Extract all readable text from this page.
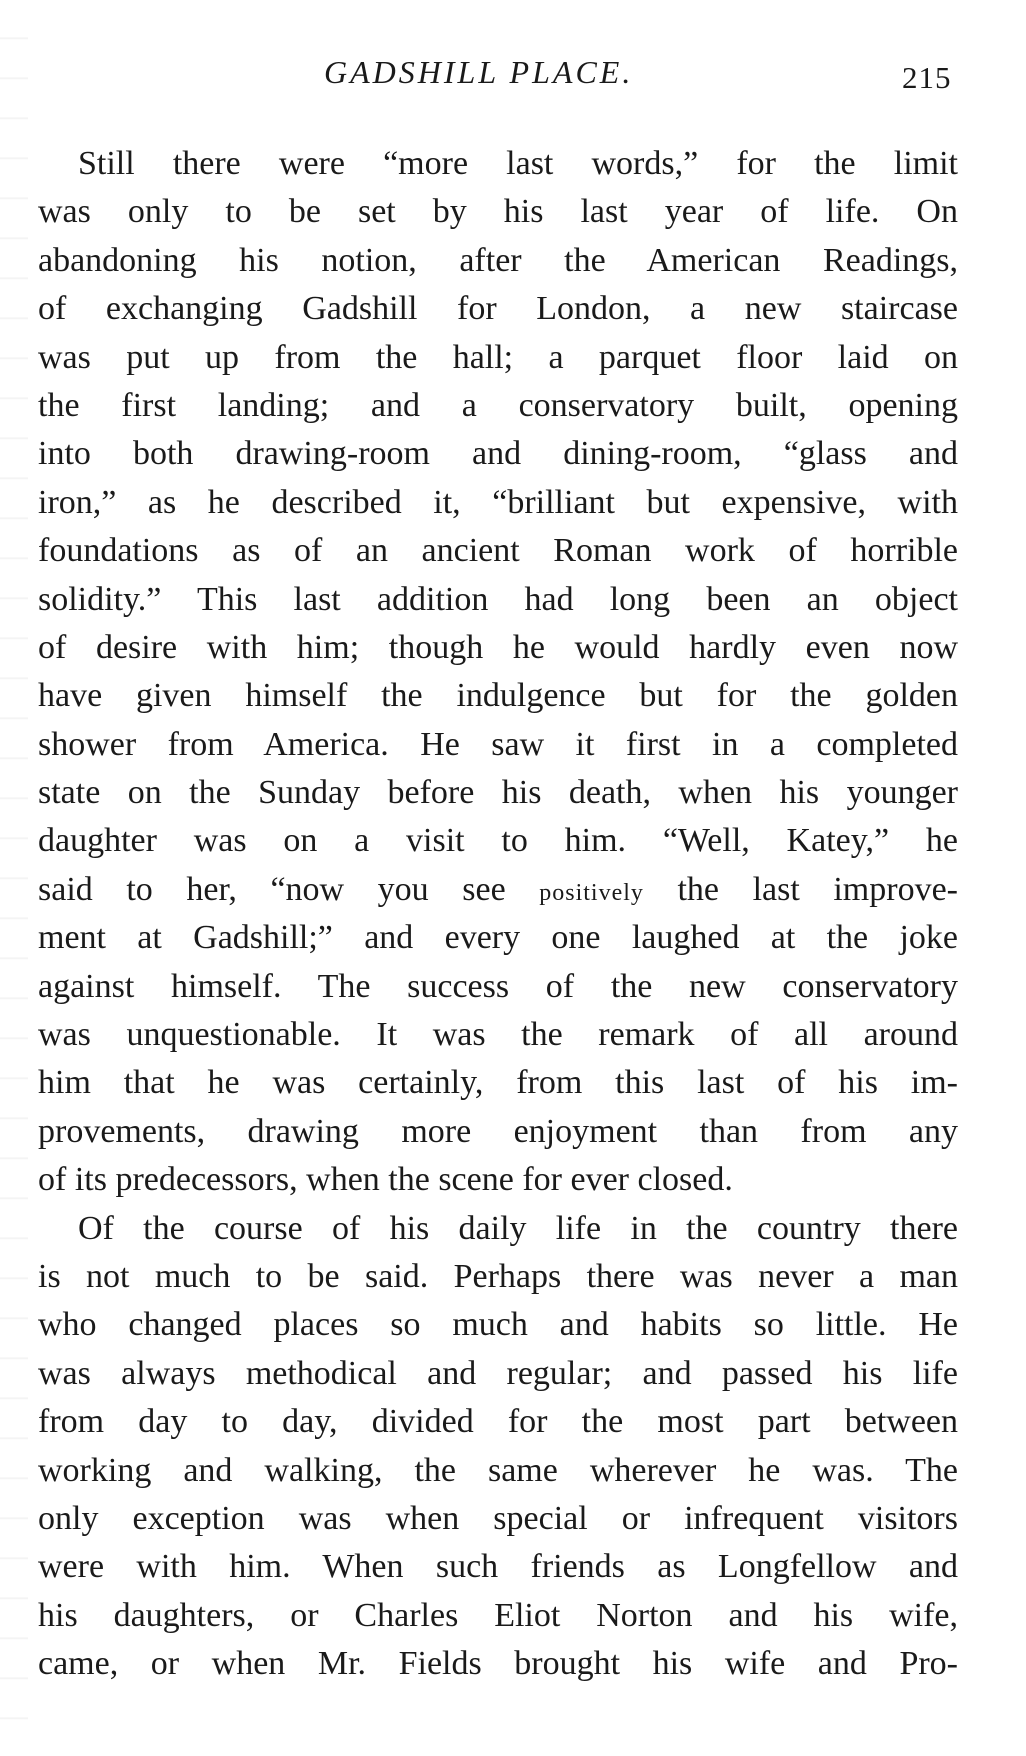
GADSHILL PLACE.	215
Still there were “more last words,” for the limit
was only to be set by his last year of life. On
abandoning his notion, after the American Readings,
of exchanging Gadshill for London, a new staircase
was put up from the hall; a parquet floor laid on
the first landing; and a conservatory built, opening
into both drawing-room and dining-room, “glass and
iron,” as he described it, “brilliant but expensive, with
foundations as of an ancient Roman work of horrible
solidity.” This last addition had long been an object
of desire with him; though he would hardly even now
have given himself the indulgence but for the golden
shower from America. He saw it first in a completed
state on the Sunday before his death, when his younger
daughter was on a visit to him. “Well, Katey,” he
said to her, “now you see positively the last improve-
ment at Gadshill;” and every one laughed at the joke
against himself. The success of the new conservatory
was unquestionable. It was the remark of all around
him that he was certainly, from this last of his im-
provements, drawing more enjoyment than from any
of its predecessors, when the scene for ever closed.
Of the course of his daily life in the country there
is not much to be said. Perhaps there was never a man
who changed places so much and habits so little. He
was always methodical and regular; and passed his life
from day to day, divided for the most part between
working and walking, the same wherever he was. The
only exception was when special or infrequent visitors
were with him. When such friends as Longfellow and
his daughters, or Charles Eliot Norton and his wife,
came, or when Mr. Fields brought his wife and Pro-
